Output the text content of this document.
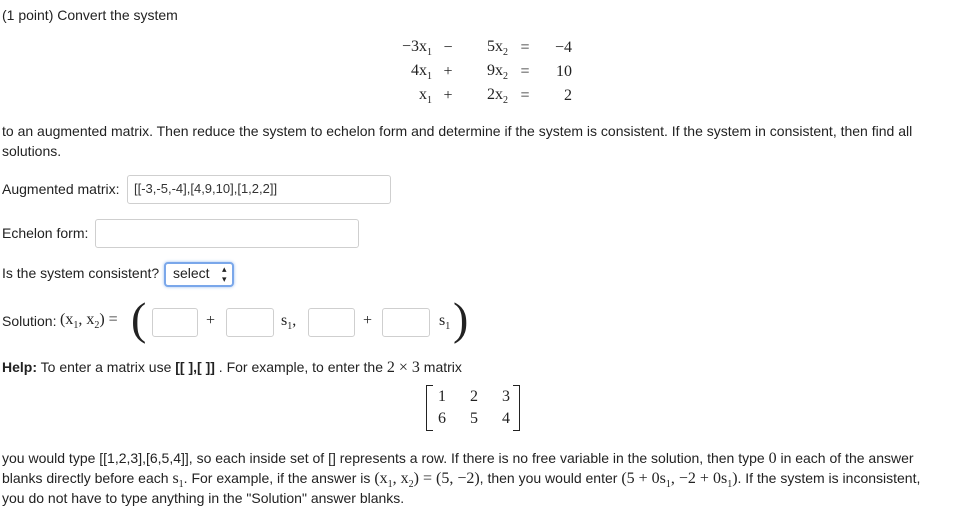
(1 point) Convert the system
$-3x_1$	−	$5x_2$	=	−4
$4x_1$	+	$9x_2$	=	10
$x_1$	+	$2x_2$	=	2
to an augmented matrix. Then reduce the system to echelon form and determine if the system is consistent. If the system in consistent, then find all
solutions.
Augmented matrix:	[[-3,-5,-4],[4,9,10],[1,2,2]]
Echelon form:
Is the system consistent? select ▴▾
Solution: ($x_1$, $x_2$) = (	+	$s_1$,	+	$s_1$ )
Help: To enter a matrix use [[ ],[ ]] . For example, to enter the 2 × 3 matrix
1 2 3
6 5 4
you would type [[1,2,3],[6,5,4]], so each inside set of [] represents a row. If there is no free variable in the solution, then type 0 in each of the answer
blanks directly before each $s_1$. For example, if the answer is ($x_1$, $x_2) = (5$, −2), then you would enter ($5 + 0s_1$, $-2 + 0s_1$). If the system is inconsistent,
you do not have to type anything in the "Solution" answer blanks.
